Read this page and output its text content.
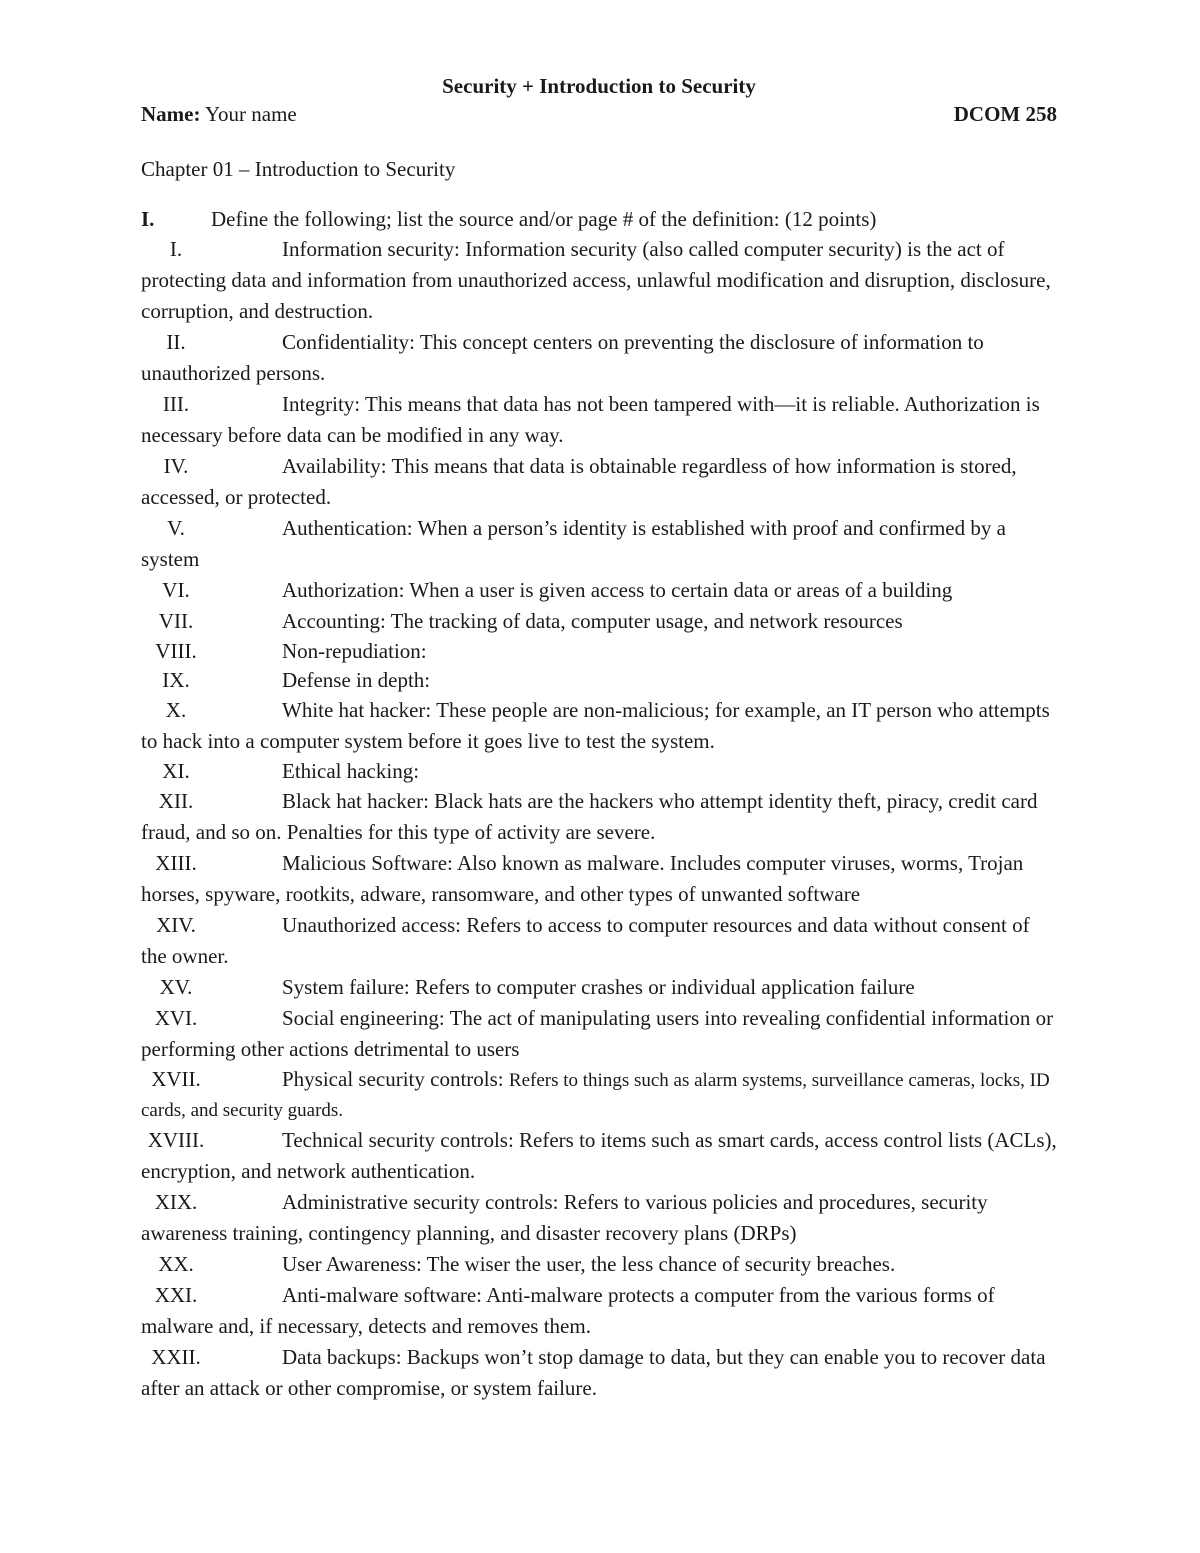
Security + Introduction to Security
Name: Your name	DCOM 258
Chapter 01 – Introduction to Security
I.	Define the following; list the source and/or page # of the definition: (12 points)

I.	Information security: Information security (also called computer security) is the act of protecting data and information from unauthorized access, unlawful modification and disruption, disclosure, corruption, and destruction.

II.	Confidentiality: This concept centers on preventing the disclosure of information to unauthorized persons.

III.	Integrity: This means that data has not been tampered with—it is reliable. Authorization is necessary before data can be modified in any way.

IV.	Availability: This means that data is obtainable regardless of how information is stored, accessed, or protected.

V.	Authentication: When a person’s identity is established with proof and confirmed by a system

VI.	Authorization: When a user is given access to certain data or areas of a building

VII.	Accounting: The tracking of data, computer usage, and network resources

VIII.	Non-repudiation:

IX.	Defense in depth:

X.	White hat hacker: These people are non-malicious; for example, an IT person who attempts to hack into a computer system before it goes live to test the system.

XI.	Ethical hacking:

XII.	Black hat hacker: Black hats are the hackers who attempt identity theft, piracy, credit card fraud, and so on. Penalties for this type of activity are severe.

XIII.	Malicious Software: Also known as malware. Includes computer viruses, worms, Trojan horses, spyware, rootkits, adware, ransomware, and other types of unwanted software

XIV.	Unauthorized access: Refers to access to computer resources and data without consent of the owner.

XV.	System failure: Refers to computer crashes or individual application failure

XVI.	Social engineering: The act of manipulating users into revealing confidential information or performing other actions detrimental to users

XVII.	Physical security controls: Refers to things such as alarm systems, surveillance cameras, locks, ID cards, and security guards.

XVIII.	Technical security controls: Refers to items such as smart cards, access control lists (ACLs), encryption, and network authentication.

XIX.	Administrative security controls: Refers to various policies and procedures, security awareness training, contingency planning, and disaster recovery plans (DRPs)

XX.	User Awareness: The wiser the user, the less chance of security breaches.

XXI.	Anti-malware software: Anti-malware protects a computer from the various forms of malware and, if necessary, detects and removes them.

XXII.	Data backups: Backups won’t stop damage to data, but they can enable you to recover data after an attack or other compromise, or system failure.
